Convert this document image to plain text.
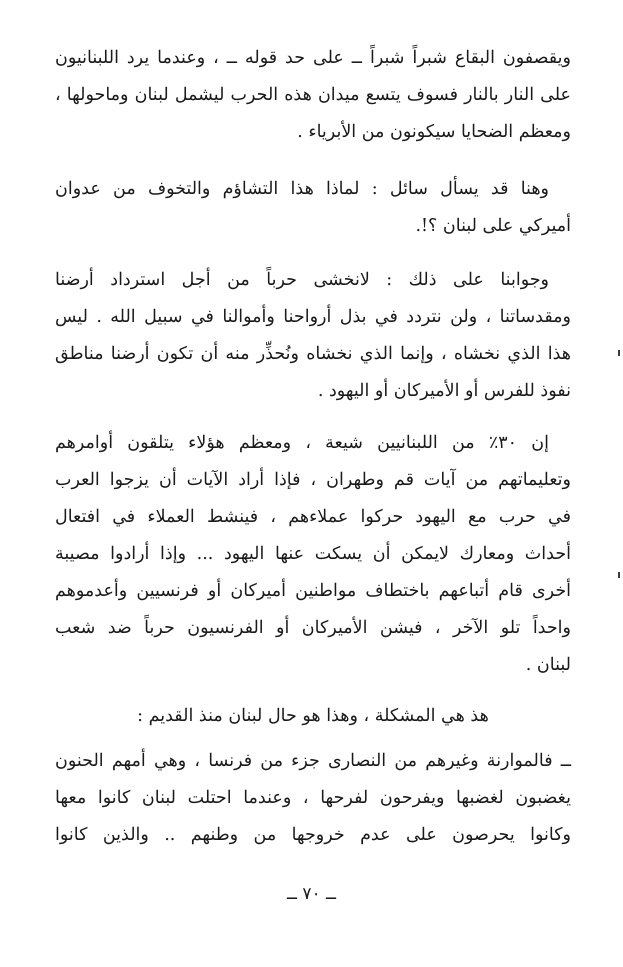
ويقصفون البقاع شبراً شبراً ــ على حد قوله ــ ، وعندما يرد اللبنانيون
على النار بالنار فسوف يتسع ميدان هذه الحرب ليشمل لبنان وماحولها ،
ومعظم الضحايا سيكونون من الأبرياء .
وهنا قد يسأل سائل : لماذا هذا التشاؤم والتخوف من عدوان
أميركي على لبنان ؟!.
وجوابنا على ذلك : لانخشى حرباً من أجل استرداد أرضنا
ومقدساتنا ، ولن نتردد في بذل أرواحنا وأموالنا في سبيل الله . ليس
هذا الذي نخشاه ، وإنما الذي نخشاه ونُحذِّر منه أن تكون أرضنا مناطق
نفوذ للفرس أو الأميركان أو اليهود .
إن ٣٠٪ من اللبنانيين شيعة ، ومعظم هؤلاء يتلقون أوامرهم
وتعليماتهم من آيات قم وطهران ، فإذا أراد الآيات أن يزجوا العرب
في حرب مع اليهود حركوا عملاءهم ، فينشط العملاء في افتعال
أحداث ومعارك لايمكن أن يسكت عنها اليهود ... وإذا أرادوا مصيبة
أخرى قام أتباعهم باختطاف مواطنين أميركان أو فرنسيين وأعدموهم
واحداً تلو الآخر ، فيشن الأميركان أو الفرنسيون حرباً ضد شعب
لبنان .
هذ هي المشكلة ، وهذا هو حال لبنان منذ القديم :
ــ فالموارنة وغيرهم من النصارى جزء من فرنسا ، وهي أمهم الحنون
يغضبون لغضبها ويفرحون لفرحها ، وعندما احتلت لبنان كانوا معها
وكانوا يحرصون على عدم خروجها من وطنهم .. والذين كانوا
ــ ٧٠ ــ
